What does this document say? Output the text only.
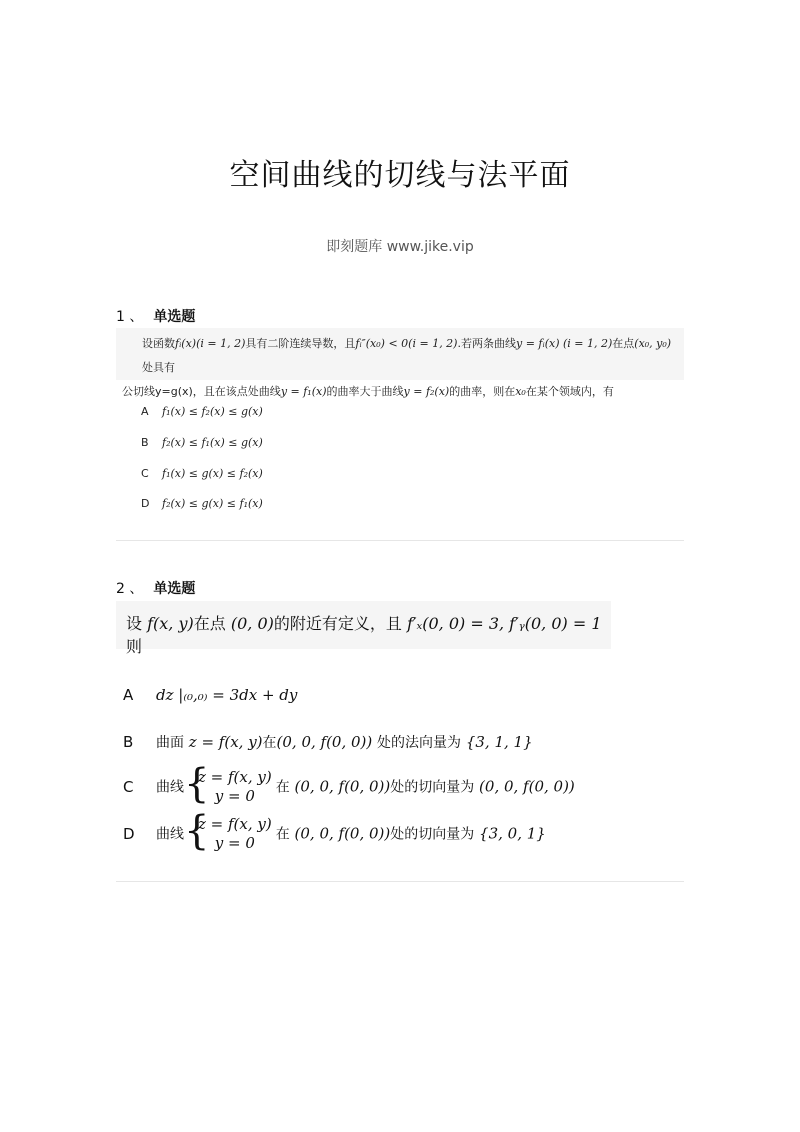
空间曲线的切线与法平面
即刻题库 www.jike.vip
1 、 单选题
设函数fᵢ(x)(i = 1, 2)具有二阶连续导数，且fᵢ″(x₀) < 0(i = 1, 2).若两条曲线y = fᵢ(x) (i = 1, 2)在点(x₀, y₀)处具有
公切线y=g(x)，且在该点处曲线y = f₁(x)的曲率大于曲线y = f₂(x)的曲率，则在x₀在某个领域内，有
A f₁(x) ≤ f₂(x) ≤ g(x)
B f₂(x) ≤ f₁(x) ≤ g(x)
C f₁(x) ≤ g(x) ≤ f₂(x)
D f₂(x) ≤ g(x) ≤ f₁(x)
2 、 单选题
设 f(x, y)在点 (0, 0)的附近有定义，且 f′ₓ(0, 0) = 3, f′ᵧ(0, 0) = 1则
A dz |₍₀,₀₎ = 3dx + dy
B 曲面 z = f(x, y)在(0, 0, f(0, 0)) 处的法向量为 {3, 1, 1}
C 曲线 {
z = f(x, y)
y = 0	在 (0, 0, f(0, 0))处的切向量为 (0, 0, f(0, 0))
D 曲线 {
z = f(x, y)
y = 0	在 (0, 0, f(0, 0))处的切向量为 {3, 0, 1}
